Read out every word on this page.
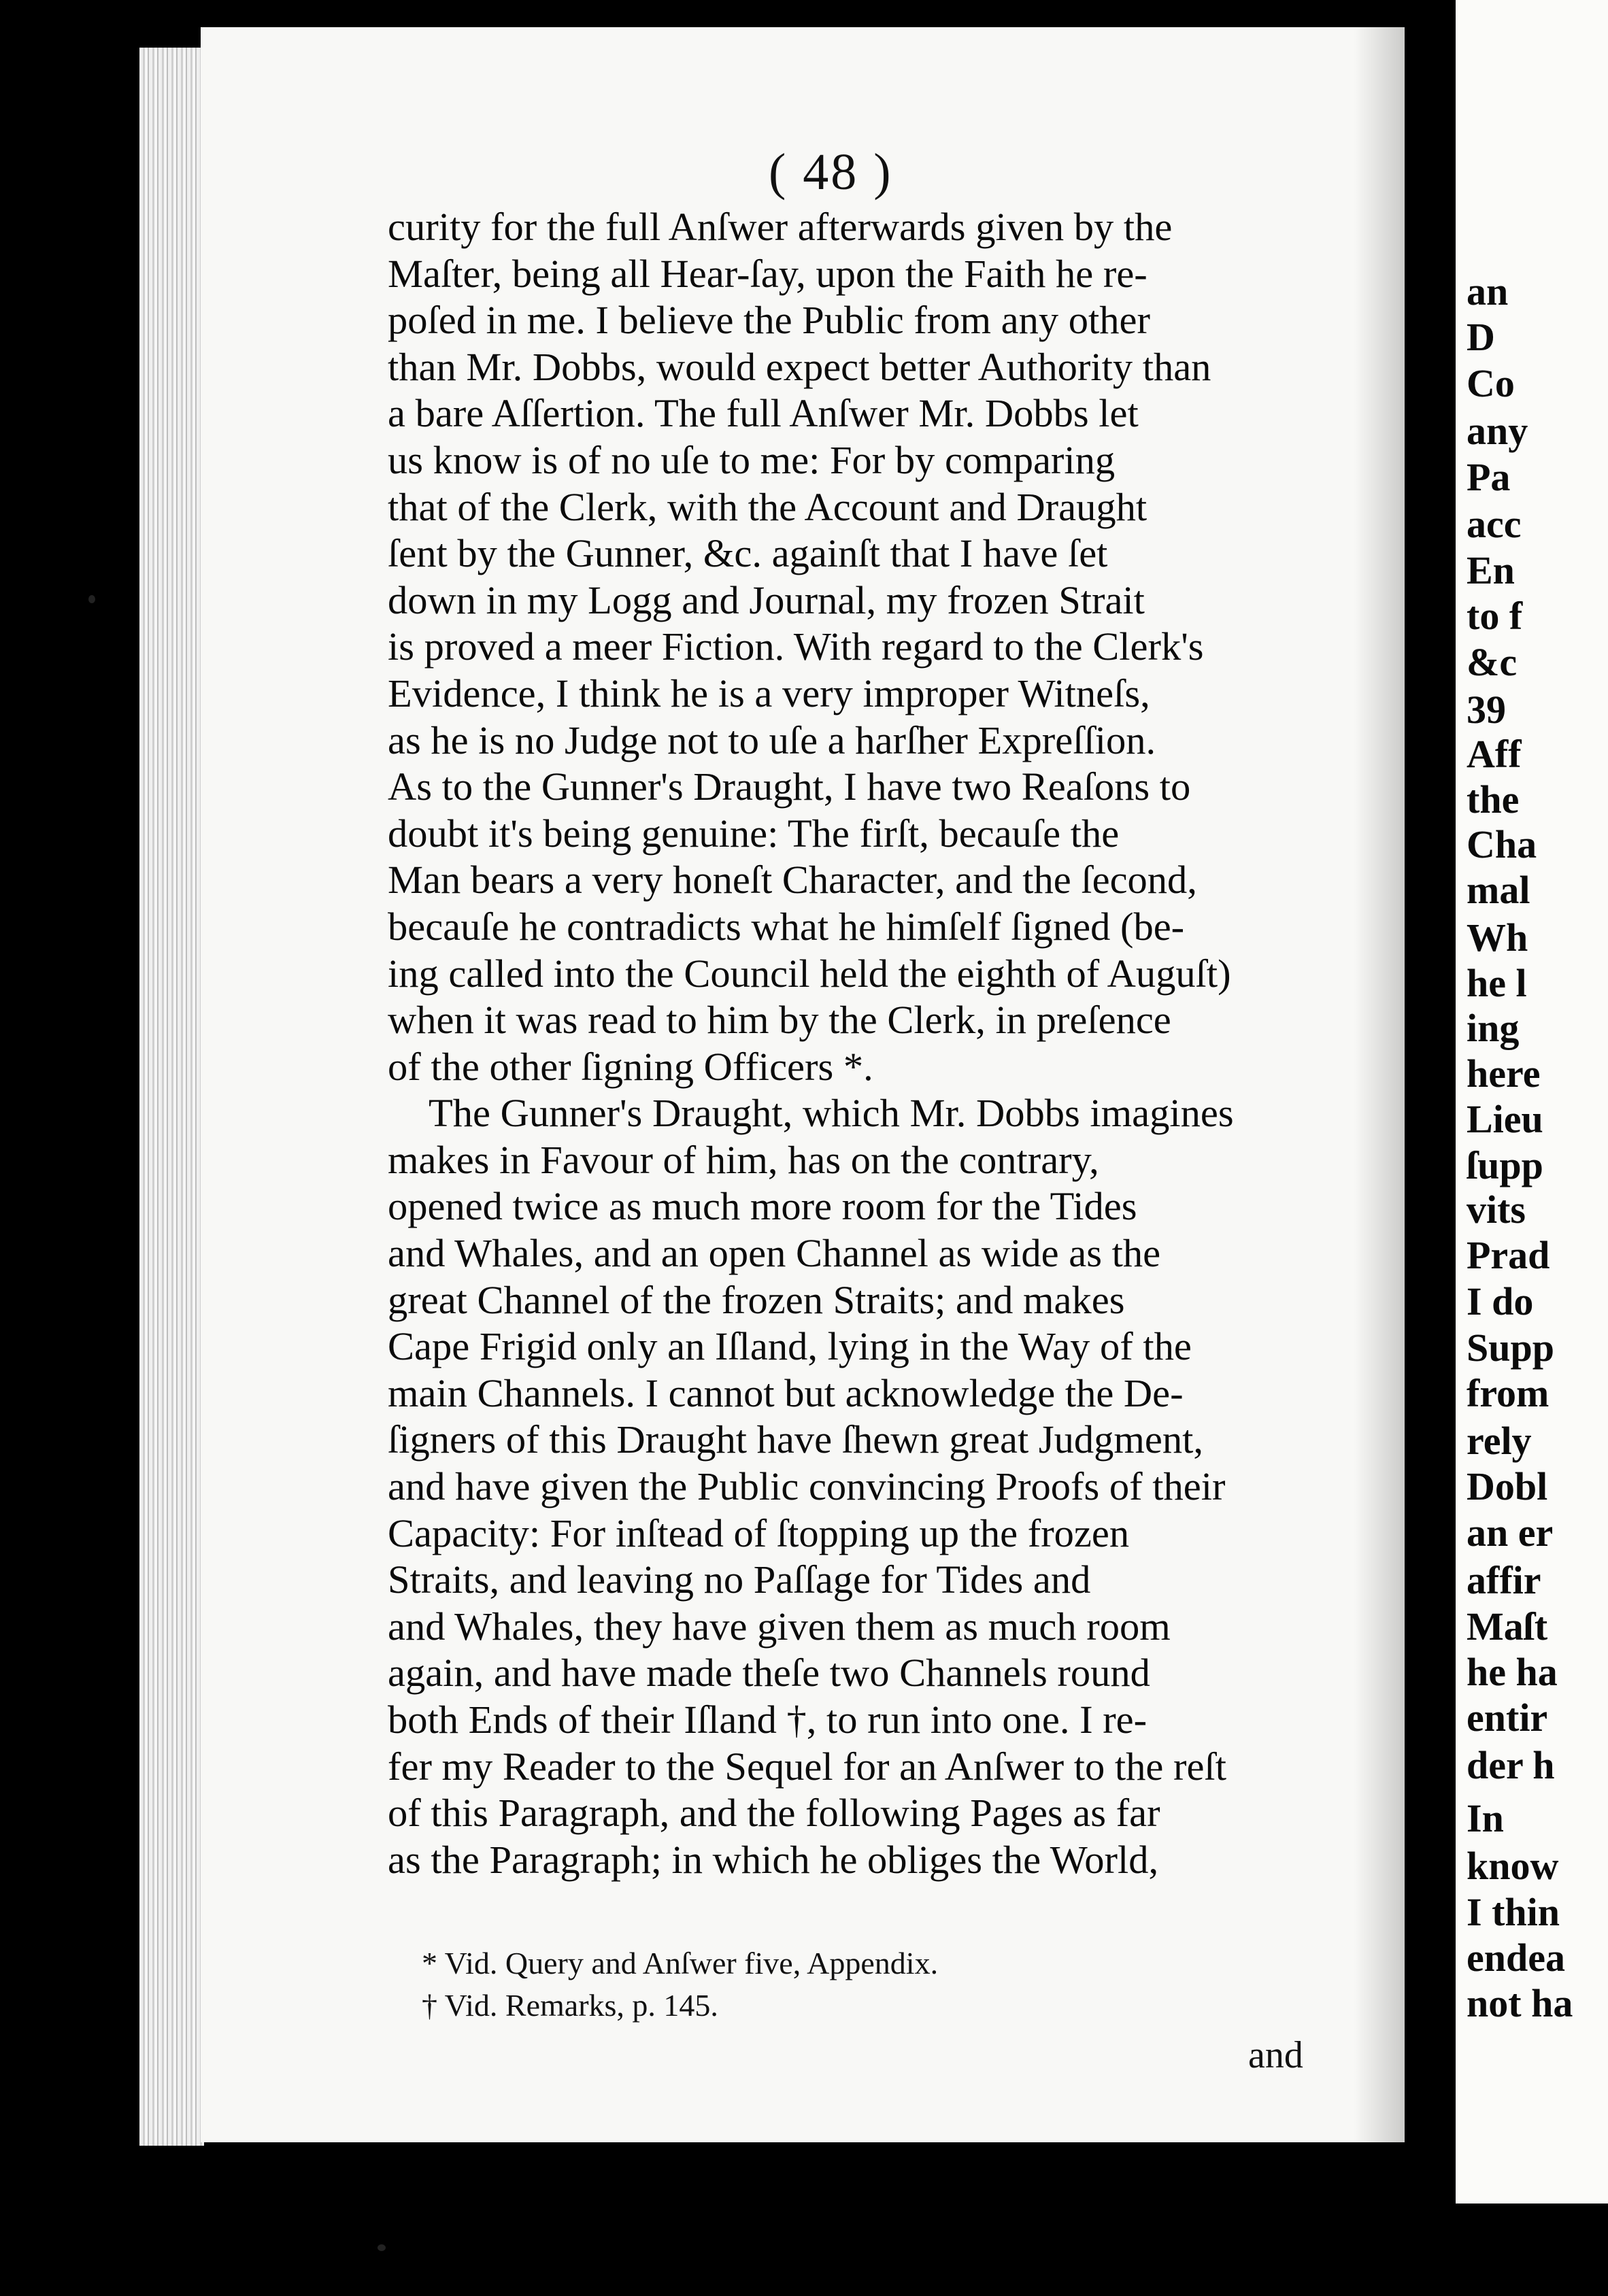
an
D
Co
any
Pa
acc
En
to f
&c
39
Aff
the
Cha
mal
Wh
he l
ing
here
Lieu
ſupp
vits
Prad
I do
Supp
from
rely
Dobl
an er
affir
Maſt
he ha
entir
der h
In
know
I thin
endea
not ha
( 48 )
curity for the full Anſwer afterwards given by the
Maſter, being all Hear-ſay, upon the Faith he re-
poſed in me. I believe the Public from any other
than Mr. Dobbs, would expect better Authority than
a bare Aſſertion. The full Anſwer Mr. Dobbs let
us know is of no uſe to me: For by comparing
that of the Clerk, with the Account and Draught
ſent by the Gunner, &c. againſt that I have ſet
down in my Logg and Journal, my frozen Strait
is proved a meer Fiction. With regard to the Clerk's
Evidence, I think he is a very improper Witneſs,
as he is no Judge not to uſe a harſher Expreſſion.
As to the Gunner's Draught, I have two Reaſons to
doubt it's being genuine: The firſt, becauſe the
Man bears a very honeſt Character, and the ſecond,
becauſe he contradicts what he himſelf ſigned (be-
ing called into the Council held the eighth of Auguſt)
when it was read to him by the Clerk, in preſence
of the other ſigning Officers *.
The Gunner's Draught, which Mr. Dobbs imagines
makes in Favour of him, has on the contrary,
opened twice as much more room for the Tides
and Whales, and an open Channel as wide as the
great Channel of the frozen Straits; and makes
Cape Frigid only an Iſland, lying in the Way of the
main Channels. I cannot but acknowledge the De-
ſigners of this Draught have ſhewn great Judgment,
and have given the Public convincing Proofs of their
Capacity: For inſtead of ſtopping up the frozen
Straits, and leaving no Paſſage for Tides and
and Whales, they have given them as much room
again, and have made theſe two Channels round
both Ends of their Iſland †, to run into one. I re-
fer my Reader to the Sequel for an Anſwer to the reſt
of this Paragraph, and the following Pages as far
as the Paragraph; in which he obliges the World,
* Vid. Query and Anſwer five, Appendix.
† Vid. Remarks, p. 145.
and
